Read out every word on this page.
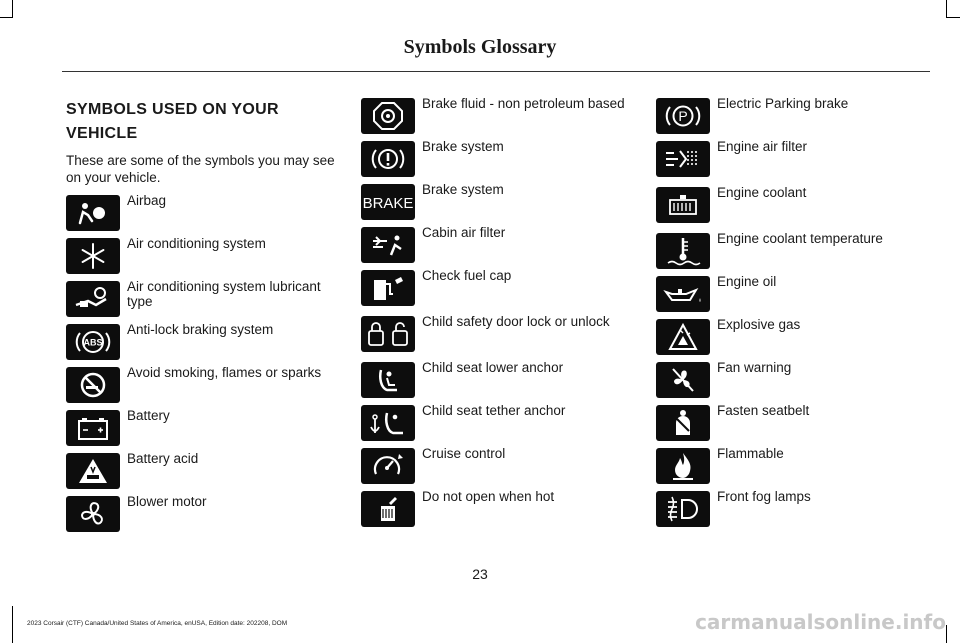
Symbols Glossary
SYMBOLS USED ON YOUR VEHICLE
These are some of the symbols you may see on your vehicle.
Airbag
Air conditioning system
Air conditioning system lubricant type
ABS
Anti-lock braking system
Avoid smoking, flames or sparks
Battery
Battery acid
Blower motor
Brake fluid - non petroleum based
Brake system
BRAKE
Brake system
Cabin air filter
Check fuel cap
Child safety door lock or unlock
Child seat lower anchor
Child seat tether anchor
Cruise control
Do not open when hot
P
Electric Parking brake
Engine air filter
Engine coolant
Engine coolant temperature
Engine oil
Explosive gas
Fan warning
Fasten seatbelt
Flammable
Front fog lamps
23
2023 Corsair (CTF) Canada/United States of America, enUSA, Edition date: 202208, DOM	carmanualsonline.info
